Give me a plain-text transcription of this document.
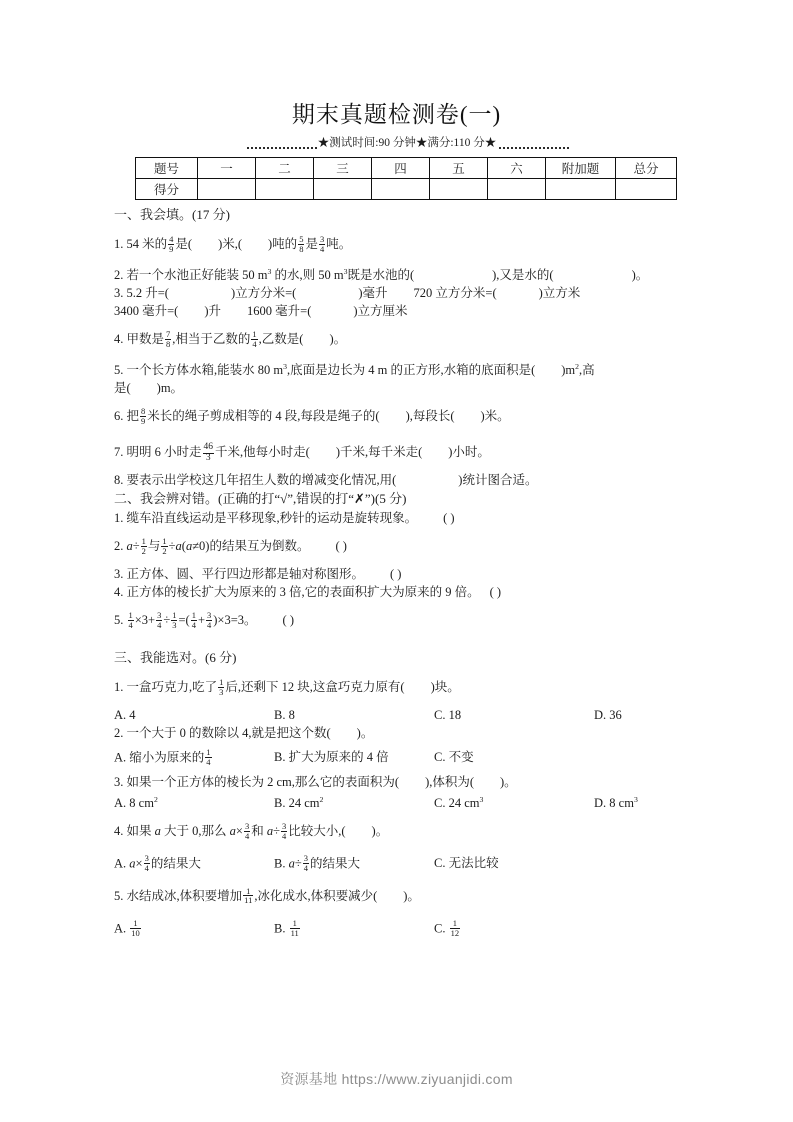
期末真题检测卷(一)
★测试时间:90 分钟★满分:110 分★
题号	一	二	三	四	五	六	附加题	总分
得分								

一、我会填。(17 分)

1. 54 米的 $\frac{4}{9}$ 是( )米,( )吨的 $\frac{5}{8}$ 是 $\frac{3}{4}$ 吨。

2. 若一个水池正好能装 50 $m^3$ 的水,则 50 $m^3$既是水池的(	),又是水的(	)。

3. 5.2 升=(	)立方分米=(	)毫升 720 立方分米=(	)立方米

3400 毫升=( )升 1600 毫升=(	)立方厘米

4. 甲数是 $\frac{7}{8}$ ,相当于乙数的 $\frac{1}{4}$ ,乙数是( )。

5. 一个长方体水箱,能装水 80 $m^3$,底面是边长为 4 m 的正方形,水箱的底面积是( )$m^2$,高

是( )m。

6. 把 $\frac{8}{9}$ 米长的绳子剪成相等的 4 段,每段是绳子的( ),每段长( )米。

7. 明明 6 小时走 $\frac{46}{3}$ 千米,他每小时走( )千米,每千米走( )小时。

8. 要表示出学校这几年招生人数的增减变化情况,用(	)统计图合适。

二、我会辨对错。(正确的打“√”,错误的打“✗”)(5 分)

1. 缆车沿直线运动是平移现象,秒针的运动是旋转现象。 ( )

2. $a\div \frac{1}{2}$ 与 $\frac{1}{2} \div a(a\ne 0)$的结果互为倒数。 ( )

3. 正方体、圆、平行四边形都是轴对称图形。 ( )

4. 正方体的棱长扩大为原来的 3 倍,它的表面积扩大为原来的 9 倍。 ( )

5. $\frac{1}{4} \times 3+ \frac{3}{4} \div \frac{1}{3}$ =( $\frac{1}{4} + \frac{3}{4} )\times 3=3$。 ( )

三、我能选对。(6 分)

1. 一盒巧克力,吃了 $\frac{1}{3}$ 后,还剩下 12 块,这盒巧克力原有( )块。

A. 4	B. 8	C. 18	D. 36

2. 一个大于 0 的数除以 4,就是把这个数( )。

A. 缩小为原来的 $\frac{1}{4}$	B. 扩大为原来的 4 倍	C. 不变

3. 如果一个正方体的棱长为 2 cm,那么它的表面积为( ),体积为( )。

A. 8 $cm^2$	B. 24 $cm^2$	C. 24 $cm^3$	D. 8 $cm^3$

4. 如果 a 大于 0,那么 $a\times \frac{3}{4}$ 和 $a\div \frac{3}{4}$ 比较大小,( )。

A. $a\times \frac{3}{4}$ 的结果大	B. $a\div \frac{3}{4}$ 的结果大	C. 无法比较

5. 水结成冰,体积要增加 $\frac{1}{11}$ ,冰化成水,体积要减少( )。

A. $\frac{1}{10}$	B. $\frac{1}{11}$	C. $\frac{1}{12}$
资源基地 https://www.ziyuanjidi.com
